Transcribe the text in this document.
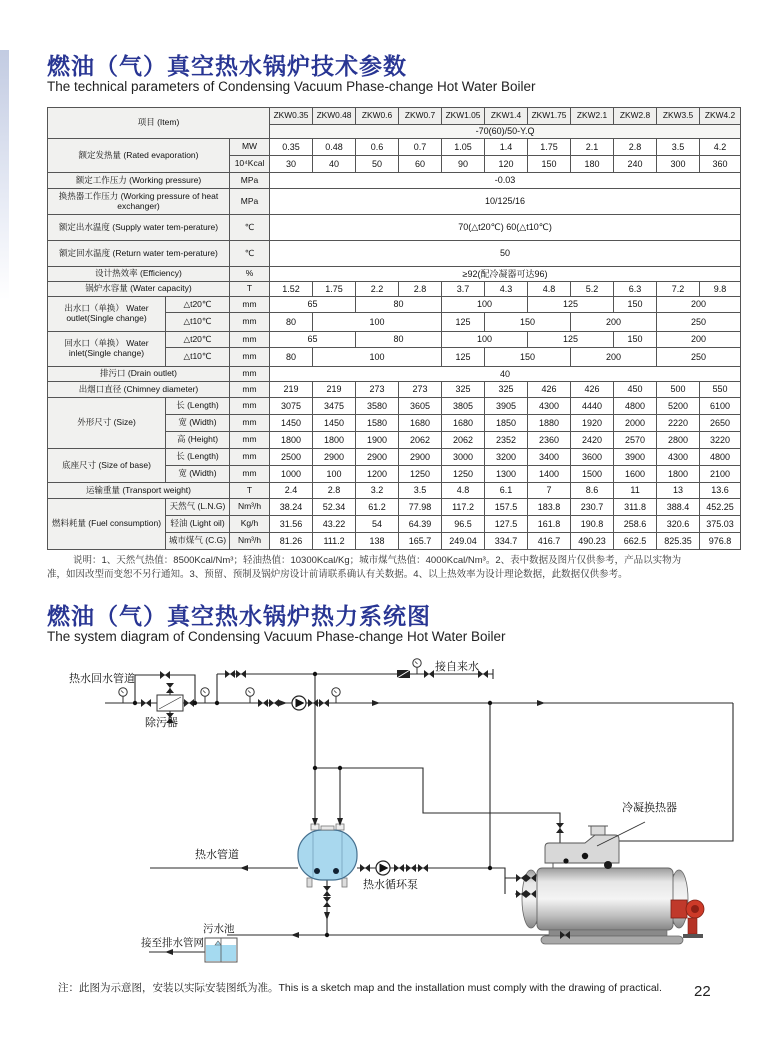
燃油（气）真空热水锅炉技术参数
The technical parameters of Condensing Vacuum Phase-change Hot Water Boiler
项目 (Item)			ZKW0.35	ZKW0.48	ZKW0.6	ZKW0.7	ZKW1.05	ZKW1.4	ZKW1.75	ZKW2.1	ZKW2.8	ZKW3.5	ZKW4.2
			-70(60)/50-Y.Q										
额定发热量 (Rated evaporation)		MW	0.35	0.48	0.6	0.7	1.05	1.4	1.75	2.1	2.8	3.5	4.2
		10⁴Kcal	30	40	50	60	90	120	150	180	240	300	360
额定工作压力 (Working pressure)		MPa	-0.03										
换热器工作压力 (Working pressure of heat exchanger)		MPa	10/125/16										
额定出水温度 (Supply water tem-perature)		℃	70(△t20℃) 60(△t10℃)										
额定回水温度 (Return water tem-perature)		℃	50										
设计热效率 (Efficiency)		%	≥92(配冷凝器可达96)										
锅炉水容量 (Water capacity)		T	1.52	1.75	2.2	2.8	3.7	4.3	4.8	5.2	6.3	7.2	9.8
出水口（单换） Water outlet(Single change)	△t20℃	mm	65		80		100		125		150	200	
	△t10℃	mm	80	100			125	150		200		250	
回水口（单换） Water inlet(Single change)	△t20℃	mm	65		80		100		125		150	200	
	△t10℃	mm	80	100			125	150		200		250	
排污口 (Drain outlet)		mm	40										
出烟口直径 (Chimney diameter)		mm	219	219	273	273	325	325	426	426	450	500	550
外形尺寸 (Size)	长 (Length)	mm	3075	3475	3580	3605	3805	3905	4300	4440	4800	5200	6100
	宽 (Width)	mm	1450	1450	1580	1680	1680	1850	1880	1920	2000	2220	2650
	高 (Height)	mm	1800	1800	1900	2062	2062	2352	2360	2420	2570	2800	3220
底座尺寸 (Size of base)	长 (Length)	mm	2500	2900	2900	2900	3000	3200	3400	3600	3900	4300	4800
	宽 (Width)	mm	1000	100	1200	1250	1250	1300	1400	1500	1600	1800	2100
运输重量 (Transport weight)		T	2.4	2.8	3.2	3.5	4.8	6.1	7	8.6	11	13	13.6
燃料耗量 (Fuel consumption)	天然气 (L.N.G)	Nm³/h	38.24	52.34	61.2	77.98	117.2	157.5	183.8	230.7	311.8	388.4	452.25
	轻油 (Light oil)	Kg/h	31.56	43.22	54	64.39	96.5	127.5	161.8	190.8	258.6	320.6	375.03
	城市煤气 (C.G)	Nm³/h	81.26	111.2	138	165.7	249.04	334.7	416.7	490.23	662.5	825.35	976.8
说明：1、天然气热值：8500Kcal/Nm³；轻油热值：10300Kcal/Kg；城市煤气热值：4000Kcal/Nm³。2、表中数据及图片仅供参考，产品以实物为准，如因改型而变恕不另行通知。3、预留、预制及锅炉房设计前请联系确认有关数据。4、以上热效率为设计理论数据，此数据仅供参考。
燃油（气）真空热水锅炉热力系统图
The system diagram of Condensing Vacuum Phase-change Hot Water Boiler
热水回水管道
除污器
接自来水
热水管道
热水循环泵
冷凝换热器
污水池
接至排水管网
注：此图为示意图，安装以实际安装图纸为准。This is a sketch map and the installation must comply with the drawing of practical.	22
